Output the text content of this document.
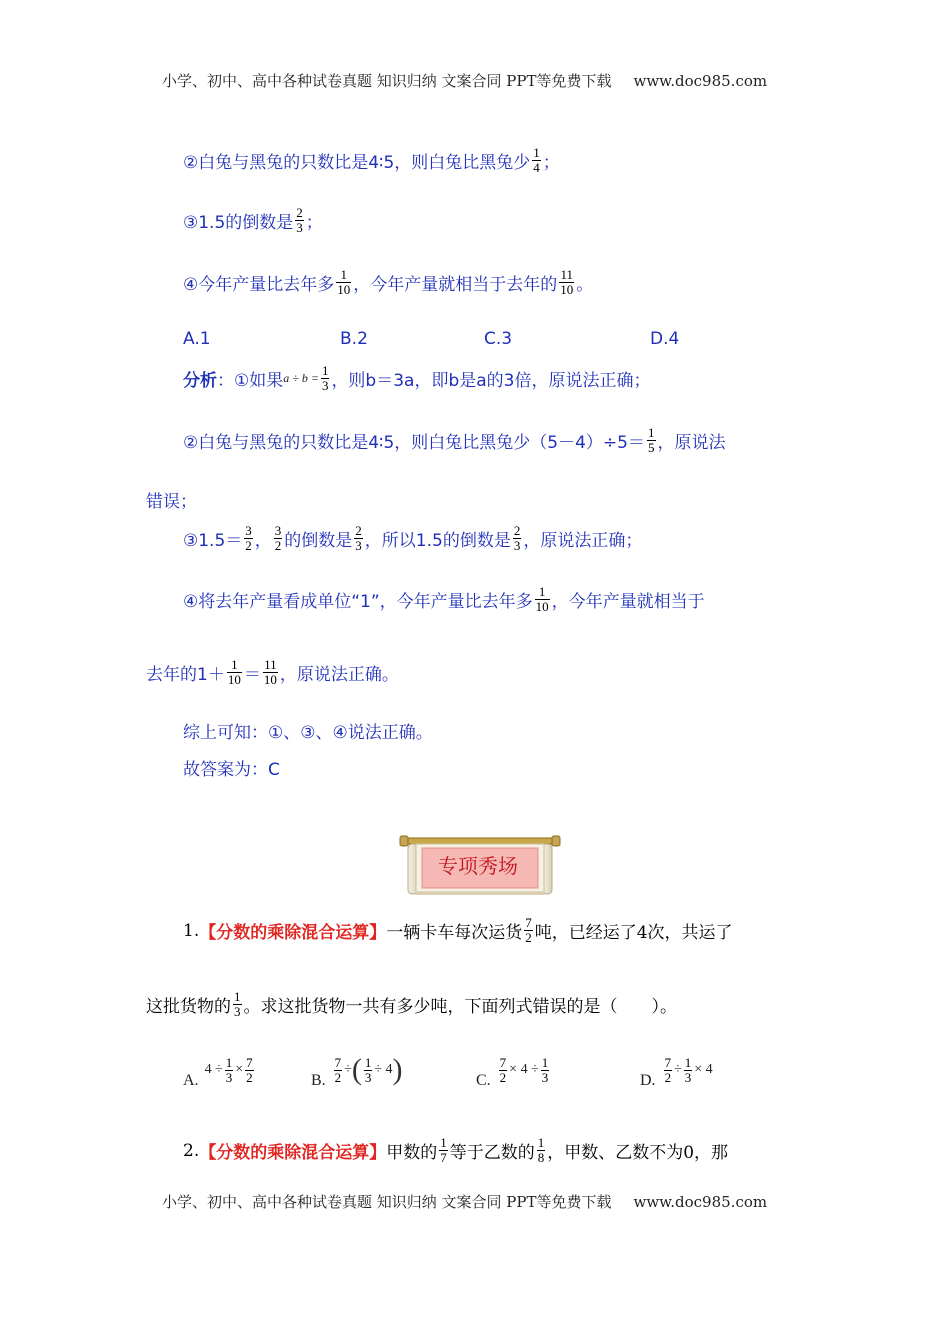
小学、初中、高中各种试卷真题 知识归纳 文案合同 PPT等免费下载 www.doc985.com
②白兔与黑兔的只数比是4∶5，则白兔比黑兔少 $\frac{1}{4}$ ；
③1.5的倒数是 $\frac{2}{3}$ ；
④今年产量比去年多 $\frac{1}{10}$ ，今年产量就相当于去年的 $\frac{11}{10}$ 。
A.1	B.2	C.3	D.4
分析 ：①如果 $a \div b = \frac{1}{3}$ ，则b＝3a，即b是a的3倍，原说法正确；
②白兔与黑兔的只数比是4∶5，则白兔比黑兔少$(5-4)\div 5= \frac{1}{5}$ ，原说法
错误；
③1.5＝ $\frac{3}{2}$ ， $\frac{3}{2}$ 的倒数是 $\frac{2}{3}$ ，所以1.5的倒数是 $\frac{2}{3}$ ，原说法正确；
④将去年产量看成单位“1”，今年产量比去年多 $\frac{1}{10}$ ，今年产量就相当于
去年的$1+ \frac{1}{10} = \frac{11}{10}$ ，原说法正确。
综上可知：①、③、④说法正确。
故答案为：C
专项秀场
1. 【分数的乘除混合运算】 一辆卡车每次运货 $\frac{7}{2}$ 吨，已经运了4次，共运了
这批货物的 $\frac{1}{3}$ 。求这批货物一共有多少吨，下面列式错误的是（　　）。
A.
$4 \div \frac{1}{3} \times \frac{7}{2}$	B. $\frac{7}{2}$ ÷ ( $\frac{1}{3} \div 4$ )	C. $\frac{7}{2} \times 4 \div \frac{1}{3}$	D. $\frac{7}{2} \div \frac{1}{3} \times 4$
2. 【分数的乘除混合运算】 甲数的 $\frac{1}{7}$ 等于乙数的 $\frac{1}{8}$ ，甲数、乙数不为0，那
小学、初中、高中各种试卷真题 知识归纳 文案合同 PPT等免费下载 www.doc985.com
